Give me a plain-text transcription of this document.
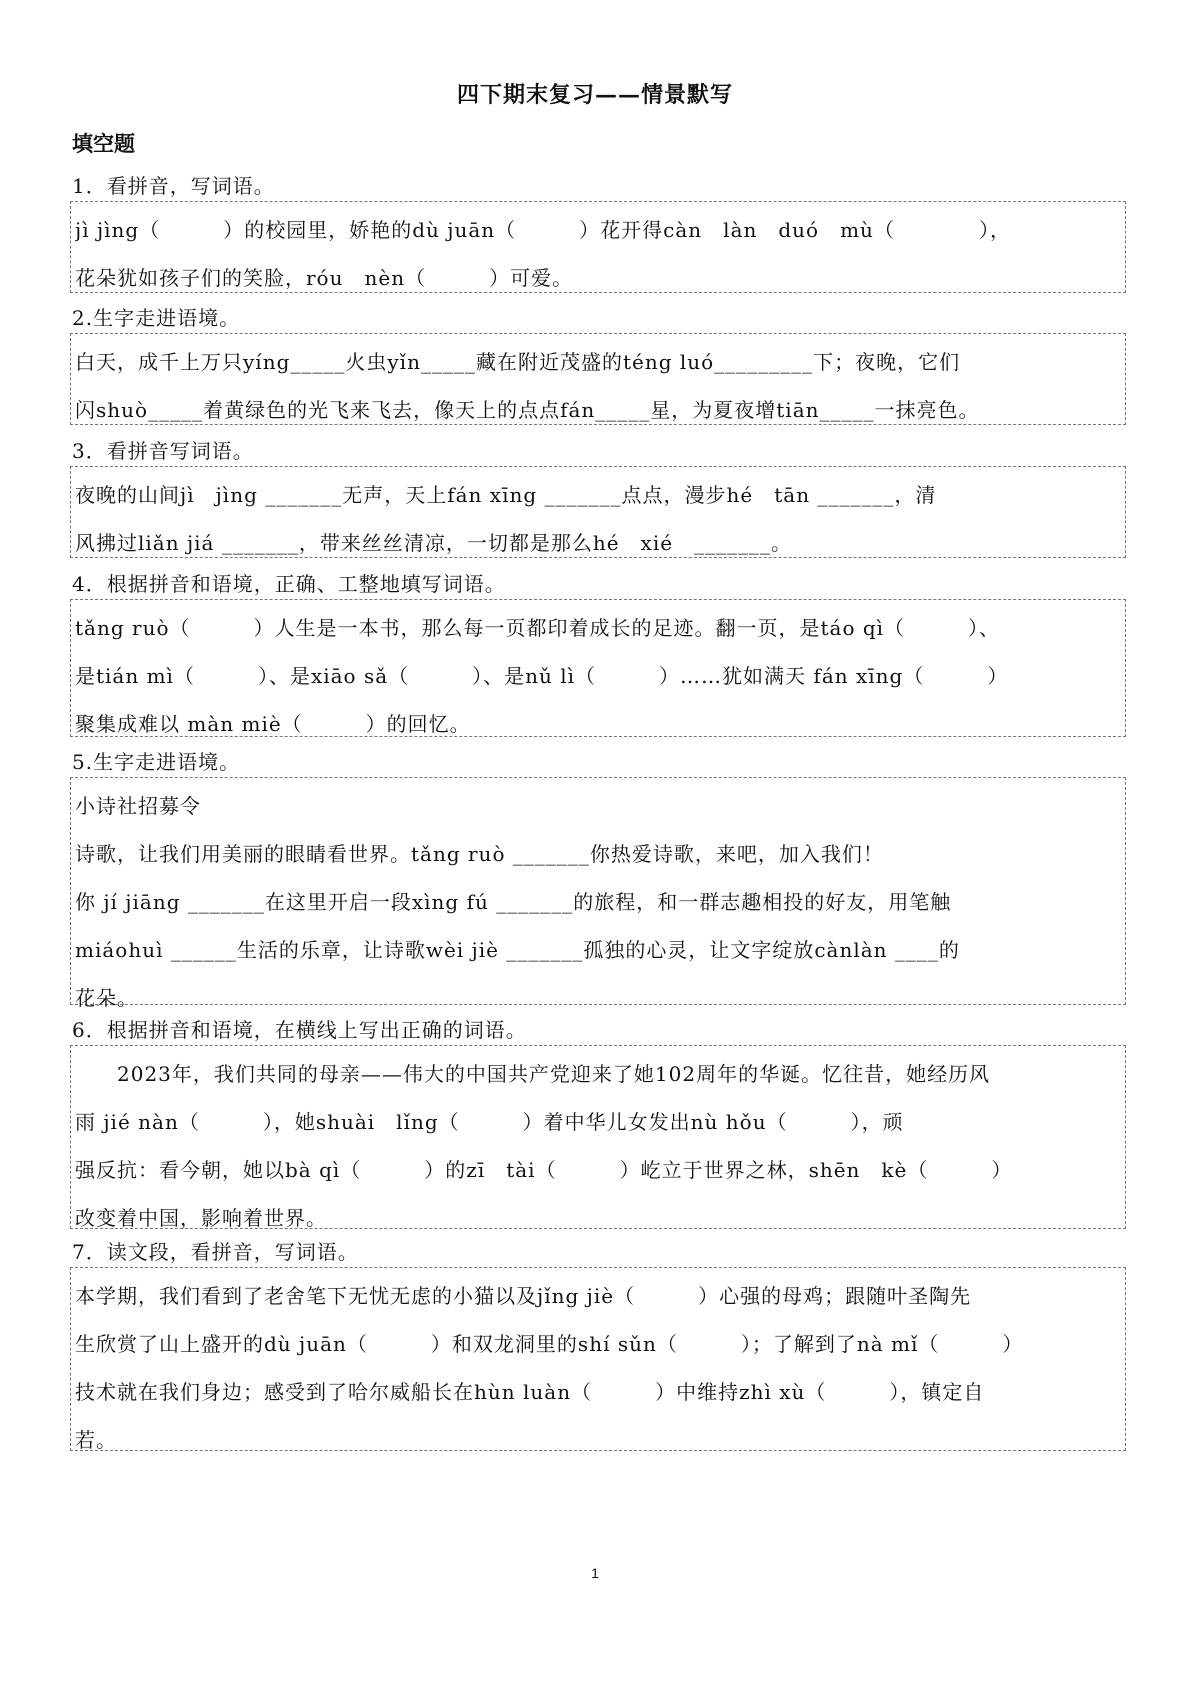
四下期末复习——情景默写
填空题
1．看拼音，写词语。
jì jìng（　　　）的校园里，娇艳的dù juān（　　　）花开得càn　làn　duó　mù（　　　　），
花朵犹如孩子们的笑脸，róu　nèn（　　　）可爱。
2.生字走进语境。
白天，成千上万只yíng_____火虫yǐn_____藏在附近茂盛的téng luó_________下；夜晚，它们
闪shuò_____着黄绿色的光飞来飞去，像天上的点点fán_____星，为夏夜增tiān_____一抹亮色。
3．看拼音写词语。
夜晚的山间jì　jìng _______无声，天上fán xīng _______点点，漫步hé　tān _______，清
风拂过liǎn jiá _______，带来丝丝清凉，一切都是那么hé　xié　_______。
4．根据拼音和语境，正确、工整地填写词语。
tǎng ruò（　　　）人生是一本书，那么每一页都印着成长的足迹。翻一页，是táo qì（　　　）、
是tián mì（　　　）、是xiāo sǎ（　　　）、是nǔ lì（　　　）……犹如满天 fán xīng（　　　）
聚集成难以 màn miè（　　　）的回忆。
5.生字走进语境。
小诗社招募令
诗歌，让我们用美丽的眼睛看世界。tǎng ruò _______你热爱诗歌，来吧，加入我们！
你 jí jiāng _______在这里开启一段xìng fú _______的旅程，和一群志趣相投的好友，用笔触
miáohuì ______生活的乐章，让诗歌wèi jiè _______孤独的心灵，让文字绽放cànlàn ____的
花朵。
6．根据拼音和语境，在横线上写出正确的词语。
　　2023年，我们共同的母亲——伟大的中国共产党迎来了她102周年的华诞。忆往昔，她经历风
雨 jié nàn（　　　），她shuài　lǐng（　　　）着中华儿女发出nù hǒu（　　　），顽
强反抗：看今朝，她以bà qì（　　　）的zī　tài（　　　）屹立于世界之林，shēn　kè（　　　）
改变着中国，影响着世界。
7．读文段，看拼音，写词语。
本学期，我们看到了老舍笔下无忧无虑的小猫以及jǐng jiè（　　　）心强的母鸡；跟随叶圣陶先
生欣赏了山上盛开的dù juān（　　　）和双龙洞里的shí sǔn（　　　）；了解到了nà mǐ（　　　）
技术就在我们身边；感受到了哈尔威船长在hùn luàn（　　　）中维持zhì xù（　　　），镇定自
若。
1
